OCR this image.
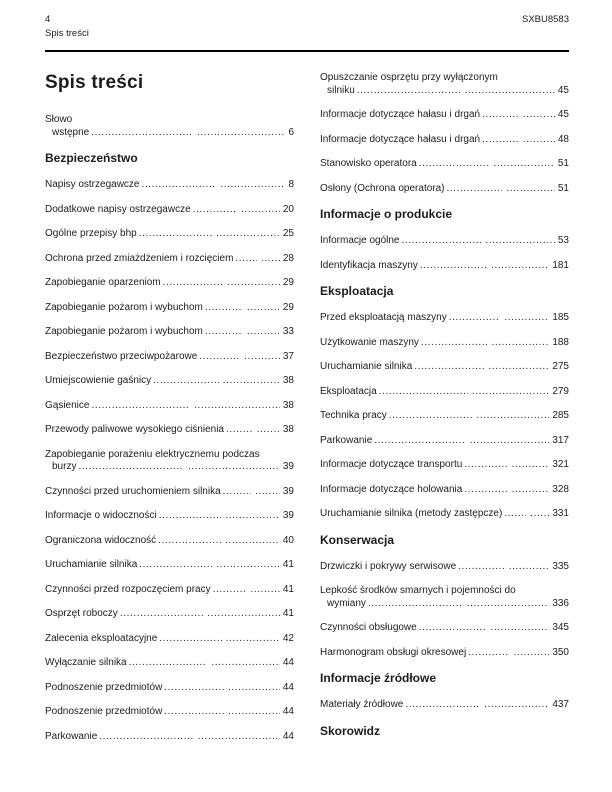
4
Spis treści
SXBU8583
Spis treści
Słowo
wstępne ..... .....	6
Bezpieczeństwo
Napisy ostrzegawcze ..... .....	8
Dodatkowe napisy ostrzegawcze ..... .....	20
Ogólne przepisy bhp ..... .....	25
Ochrona przed zmiażdżeniem i rozcięciem ..... .....	28
Zapobieganie oparzeniom ..... .....	29
Zapobieganie pożarom i wybuchom ..... .....	29
Zapobieganie pożarom i wybuchom ..... .....	33
Bezpieczeństwo przeciwpożarowe ..... .....	37
Umiejscowienie gaśnicy ..... .....	38
Gąsienice ..... .....	38
Przewody paliwowe wysokiego ciśnienia ..... .....	38
Zapobieganie porażeniu elektrycznemu podczas
burzy ..... .....	39
Czynności przed uruchomieniem silnika ..... .....	39
Informacje o widoczności ..... .....	39
Ograniczona widoczność ..... .....	40
Uruchamianie silnika ..... .....	41
Czynności przed rozpoczęciem pracy ..... .....	41
Osprzęt roboczy ..... .....	41
Zalecenia eksploatacyjne ..... .....	42
Wyłączanie silnika ..... .....	44
Podnoszenie przedmiotów ..... .....	44
Podnoszenie przedmiotów ..... .....	44
Parkowanie ..... .....	44
Opuszczanie osprzętu przy wyłączonym
silniku ..... .....	45
Informacje dotyczące hałasu i drgań ..... .....	45
Informacje dotyczące hałasu i drgań ..... .....	48
Stanowisko operatora ..... .....	51
Osłony (Ochrona operatora) ..... .....	51
Informacje o produkcie
Informacje ogólne ..... .....	53
Identyfikacja maszyny ..... .....	181
Eksploatacja
Przed eksploatacją maszyny ..... .....	185
Użytkowanie maszyny ..... .....	188
Uruchamianie silnika ..... .....	275
Eksploatacja ..... .....	279
Technika pracy ..... .....	285
Parkowanie ..... .....	317
Informacje dotyczące transportu ..... .....	321
Informacje dotyczące holowania ..... .....	328
Uruchamianie silnika (metody zastępcze) ..... .....	331
Konserwacja
Drzwiczki i pokrywy serwisowe ..... .....	335
Lepkość środków smarnych i pojemności do
wymiany ..... .....	336
Czynności obsługowe ..... .....	345
Harmonogram obsługi okresowej ..... .....	350
Informacje źródłowe
Materiały źródłowe ..... .....	437
Skorowidz
